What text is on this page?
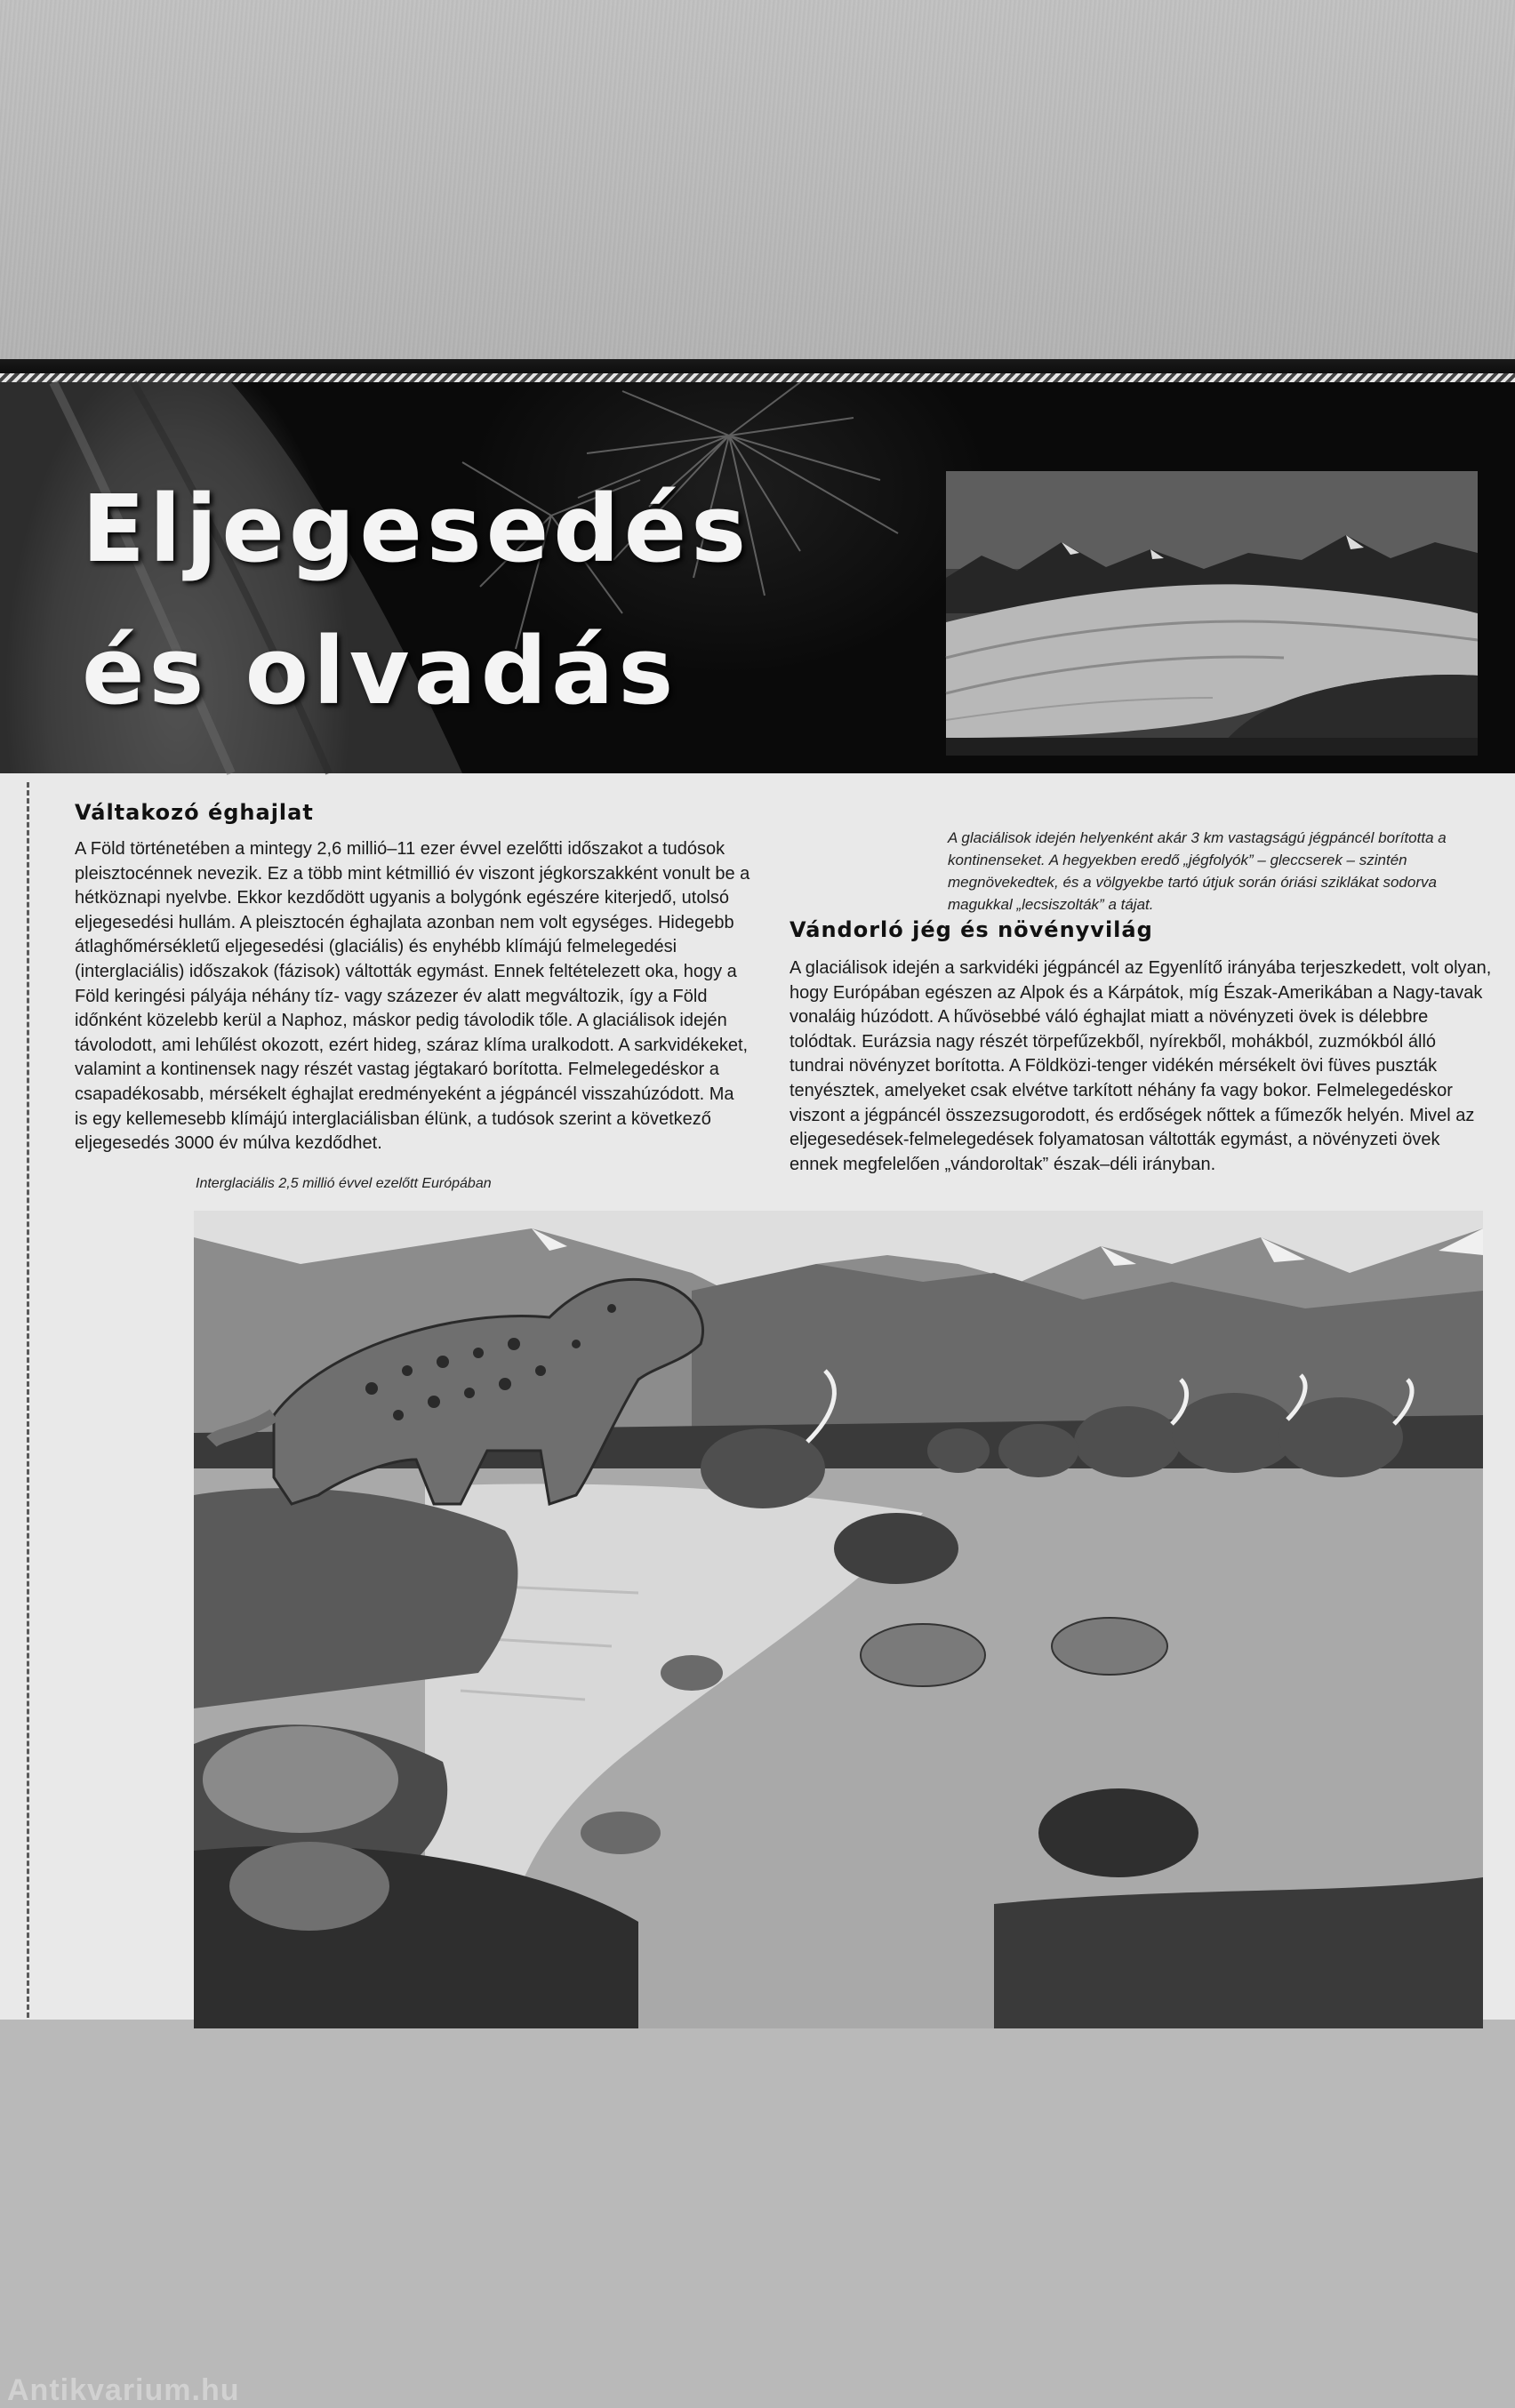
Eljegesedés
és olvadás

A glaciálisok idején helyenként akár 3 km vastagságú jégpáncél borította a kontinenseket. A hegyekben eredő „jégfolyók” – gleccserek – szintén megnövekedtek, és a völgyekbe tartó útjuk során óriási sziklákat sodorva magukkal „lecsiszolták” a tájat.

Váltakozó éghajlat

A Föld történetében a mintegy 2,6 millió–11 ezer évvel ezelőtti időszakot a tudósok pleisztocénnek nevezik. Ez a több mint kétmillió év viszont jégkorszakként vonult be a hétköznapi nyelvbe. Ekkor kezdődött ugyanis a bolygónk egészére kiterjedő, utolsó eljegesedési hullám. A pleisztocén éghajlata azonban nem volt egységes. Hidegebb átlaghőmérsékletű eljegesedési (glaciális) és enyhébb klímájú felmelegedési (interglaciális) időszakok (fázisok) váltották egymást. Ennek feltételezett oka, hogy a Föld keringési pályája néhány tíz- vagy százezer év alatt megváltozik, így a Föld időnként közelebb kerül a Naphoz, máskor pedig távolodik tőle. A glaciálisok idején távolodott, ami lehűlést okozott, ezért hideg, száraz klíma uralkodott. A sarkvidékeket, valamint a kontinensek nagy részét vastag jégtakaró borította. Felmelegedéskor a csapadékosabb, mérsékelt éghajlat eredményeként a jégpáncél visszahúzódott. Ma is egy kellemesebb klímájú interglaciálisban élünk, a tudósok szerint a következő eljegesedés 3000 év múlva kezdődhet.

Vándorló jég és növényvilág

A glaciálisok idején a sarkvidéki jégpáncél az Egyenlítő irányába terjeszkedett, volt olyan, hogy Európában egészen az Alpok és a Kárpátok, míg Észak-Amerikában a Nagy-tavak vonaláig húzódott. A hűvösebbé váló éghajlat miatt a növényzeti övek is délebbre tolódtak. Eurázsia nagy részét törpefűzekből, nyírekből, mohákból, zuzmókból álló tundrai növényzet borította. A Földközi-tenger vidékén mérsékelt övi füves puszták tenyésztek, amelyeket csak elvétve tarkított néhány fa vagy bokor. Felmelegedéskor viszont a jégpáncél összezsugorodott, és erdőségek nőttek a fűmezők helyén. Mivel az eljegesedések-felmelegedések folyamatosan váltották egymást, a növényzeti övek ennek megfelelően „vándoroltak” észak–déli irányban.

Interglaciális 2,5 millió évvel ezelőtt Európában

Antikvarium.hu
